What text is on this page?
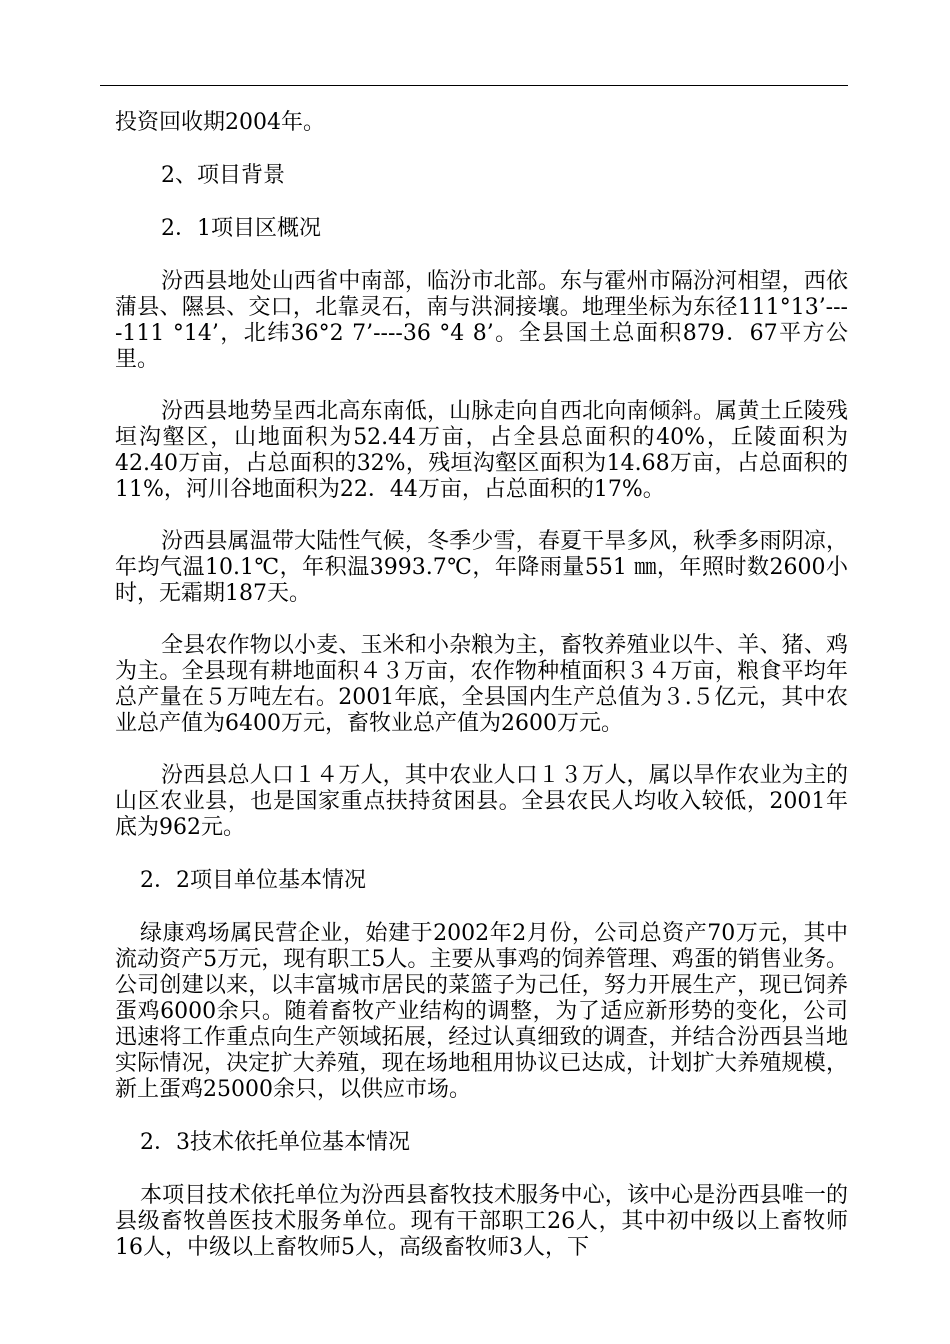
投资回收期2004年。

2、项目背景

2．1项目区概况

汾西县地处山西省中南部，临汾市北部。东与霍州市隔汾河相望，西依蒲县、隰县、交口，北靠灵石，南与洪洞接壤。地理坐标为东径111°13’----111 °14’，北纬36°2 7’----36 °4 8’。全县国土总面积879．67平方公里。

汾西县地势呈西北高东南低，山脉走向自西北向南倾斜。属黄土丘陵残垣沟壑区，山地面积为52.44万亩，占全县总面积的40%，丘陵面积为42.40万亩，占总面积的32%，残垣沟壑区面积为14.68万亩，占总面积的11%，河川谷地面积为22．44万亩，占总面积的17%。

汾西县属温带大陆性气候，冬季少雪，春夏干旱多风，秋季多雨阴凉，年均气温10.1℃，年积温3993.7℃，年降雨量551 ㎜，年照时数2600小时，无霜期187天。

全县农作物以小麦、玉米和小杂粮为主，畜牧养殖业以牛、羊、猪、鸡为主。全县现有耕地面积４３万亩，农作物种植面积３４万亩，粮食平均年总产量在５万吨左右。2001年底，全县国内生产总值为３.５亿元，其中农业总产值为6400万元，畜牧业总产值为2600万元。

汾西县总人口１４万人，其中农业人口１３万人，属以旱作农业为主的山区农业县，也是国家重点扶持贫困县。全县农民人均收入较低，2001年底为962元。

2．2项目单位基本情况

绿康鸡场属民营企业，始建于2002年2月份，公司总资产70万元，其中流动资产5万元，现有职工5人。主要从事鸡的饲养管理、鸡蛋的销售业务。公司创建以来，以丰富城市居民的菜篮子为己任，努力开展生产，现已饲养蛋鸡6000余只。随着畜牧产业结构的调整，为了适应新形势的变化，公司迅速将工作重点向生产领域拓展，经过认真细致的调查，并结合汾西县当地实际情况，决定扩大养殖，现在场地租用协议已达成，计划扩大养殖规模，新上蛋鸡25000余只，以供应市场。

2．3技术依托单位基本情况

本项目技术依托单位为汾西县畜牧技术服务中心，该中心是汾西县唯一的县级畜牧兽医技术服务单位。现有干部职工26人，其中初中级以上畜牧师16人，中级以上畜牧师5人，高级畜牧师3人，下
